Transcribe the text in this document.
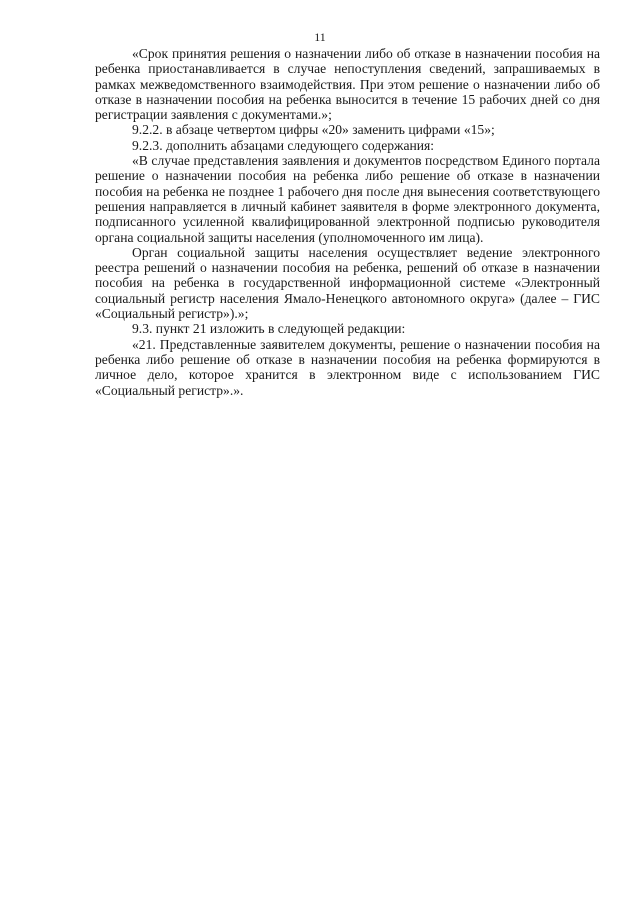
11

«Срок принятия решения о назначении либо об отказе в назначении пособия на ребенка приостанавливается в случае непоступления сведений, запрашиваемых в рамках межведомственного взаимодействия. При этом решение о назначении либо об отказе в назначении пособия на ребенка выносится в течение 15 рабочих дней со дня регистрации заявления с документами.»;

9.2.2. в абзаце четвертом цифры «20» заменить цифрами «15»;

9.2.3. дополнить абзацами следующего содержания:

«В случае представления заявления и документов посредством Единого портала решение о назначении пособия на ребенка либо решение об отказе в назначении пособия на ребенка не позднее 1 рабочего дня после дня вынесения соответствующего решения направляется в личный кабинет заявителя в форме электронного документа, подписанного усиленной квалифицированной электронной подписью руководителя органа социальной защиты населения (уполномоченного им лица).

Орган социальной защиты населения осуществляет ведение электронного реестра решений о назначении пособия на ребенка, решений об отказе в назначении пособия на ребенка в государственной информационной системе «Электронный социальный регистр населения Ямало-Ненецкого автономного округа» (далее – ГИС «Социальный регистр»).»;

9.3. пункт 21 изложить в следующей редакции:

«21. Представленные заявителем документы, решение о назначении пособия на ребенка либо решение об отказе в назначении пособия на ребенка формируются в личное дело, которое хранится в электронном виде с использованием ГИС «Социальный регистр».».
